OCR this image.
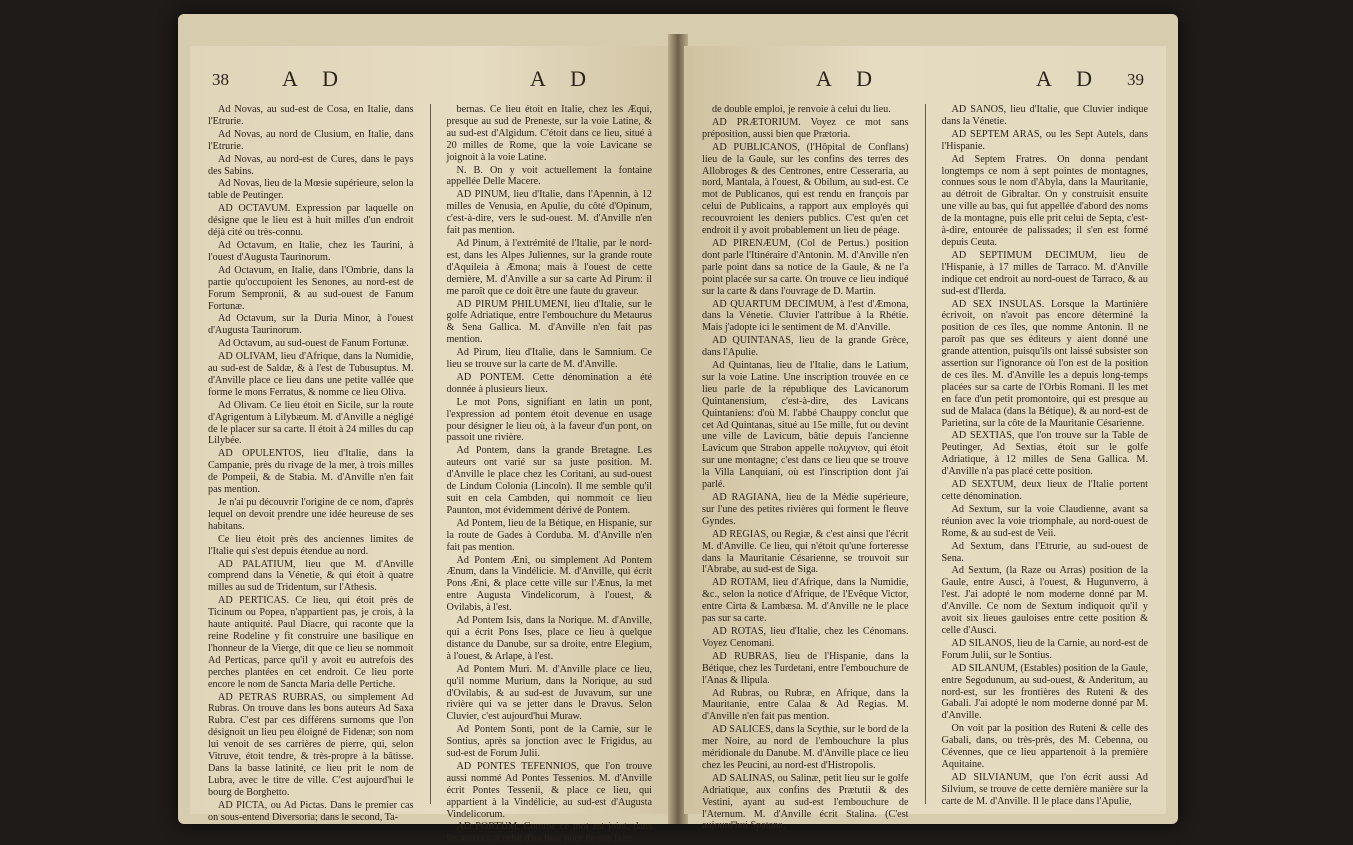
38 A D	A D

Ad Novas, au sud-est de Cosa, en Italie, dans l'Etrurie.

Ad Novas, au nord de Clusium, en Italie, dans l'Etrurie.

Ad Novas, au nord-est de Cures, dans le pays des Sabins.

Ad Novas, lieu de la Mœsie supérieure, selon la table de Peutinger.

AD OCTAVUM. Expression par laquelle on désigne que le lieu est à huit milles d'un endroit déjà cité ou très-connu.

Ad Octavum, en Italie, chez les Taurini, à l'ouest d'Augusta Taurinorum.

Ad Octavum, en Italie, dans l'Ombrie, dans la partie qu'occupoient les Senones, au nord-est de Forum Sempronii, & au sud-ouest de Fanum Fortunæ.

Ad Octavum, sur la Duria Minor, à l'ouest d'Augusta Taurinorum.

Ad Octavum, au sud-ouest de Fanum Fortunæ.

AD OLIVAM, lieu d'Afrique, dans la Numidie, au sud-est de Saldæ, & à l'est de Tubusuptus. M. d'Anville place ce lieu dans une petite vallée que forme le mons Ferratus, & nomme ce lieu Oliva.

Ad Olivam. Ce lieu étoit en Sicile, sur la route d'Agrigentum à Lilybæum. M. d'Anville a négligé de le placer sur sa carte. Il étoit à 24 milles du cap Lilybée.

AD OPULENTOS, lieu d'Italie, dans la Campanie, près du rivage de la mer, à trois milles de Pompeii, & de Stabia. M. d'Anville n'en fait pas mention.

Je n'ai pu découvrir l'origine de ce nom, d'après lequel on devoit prendre une idée heureuse de ses habitans.

Ce lieu étoit près des anciennes limites de l'Italie qui s'est depuis étendue au nord.

AD PALATIUM, lieu que M. d'Anville comprend dans la Vénetie, & qui étoit à quatre milles au sud de Tridentum, sur l'Athesis.

AD PERTICAS. Ce lieu, qui étoit près de Ticinum ou Popea, n'appartient pas, je crois, à la haute antiquité. Paul Diacre, qui raconte que la reine Rodeline y fit construire une basilique en l'honneur de la Vierge, dit que ce lieu se nommoit Ad Perticas, parce qu'il y avoit eu autrefois des perches plantées en cet endroit. Ce lieu porte encore le nom de Sancta Maria delle Pertiche.

AD PETRAS RUBRAS, ou simplement Ad Rubras. On trouve dans les bons auteurs Ad Saxa Rubra. C'est par ces différens surnoms que l'on désignoit un lieu peu éloigné de Fidenæ; son nom lui venoit de ses carrières de pierre, qui, selon Vitruve, étoit tendre, & très-propre à la bâtisse. Dans la basse latinité, ce lieu prit le nom de Lubra, avec le titre de ville. C'est aujourd'hui le bourg de Borghetto.

AD PICTA, ou Ad Pictas. Dans le premier cas on sous-entend Diversoria; dans le second, Ta-

bernas. Ce lieu étoit en Italie, chez les Æqui, presque au sud de Preneste, sur la voie Latine, & au sud-est d'Algidum. C'étoit dans ce lieu, situé à 20 milles de Rome, que la voie Lavicane se joignoit à la voie Latine.

N. B. On y voit actuellement la fontaine appellée Delle Macere.

AD PINUM, lieu d'Italie, dans l'Apennin, à 12 milles de Venusia, en Apulie, du côté d'Opinum, c'est-à-dire, vers le sud-ouest. M. d'Anville n'en fait pas mention.

Ad Pinum, à l'extrémité de l'Italie, par le nord-est, dans les Alpes Juliennes, sur la grande route d'Aquileia à Æmona; mais à l'ouest de cette dernière, M. d'Anville a sur sa carte Ad Pirum: il me paroît que ce doit être une faute du graveur.

AD PIRUM PHILUMENI, lieu d'Italie, sur le golfe Adriatique, entre l'embouchure du Metaurus & Sena Gallica. M. d'Anville n'en fait pas mention.

Ad Pirum, lieu d'Italie, dans le Samnium. Ce lieu se trouve sur la carte de M. d'Anville.

AD PONTEM. Cette dénomination a été donnée à plusieurs lieux.

Le mot Pons, signifiant en latin un pont, l'expression ad pontem étoit devenue en usage pour désigner le lieu où, à la faveur d'un pont, on passoit une rivière.

Ad Pontem, dans la grande Bretagne. Les auteurs ont varié sur sa juste position. M. d'Anville le place chez les Coritani, au sud-ouest de Lindum Colonia (Lincoln). Il me semble qu'il suit en cela Cambden, qui nommoit ce lieu Paunton, mot évidemment dérivé de Pontem.

Ad Pontem, lieu de la Bétique, en Hispanie, sur la route de Gades à Corduba. M. d'Anville n'en fait pas mention.

Ad Pontem Æni, ou simplement Ad Pontem Ænum, dans la Vindélicie. M. d'Anville, qui écrit Pons Æni, & place cette ville sur l'Ænus, la met entre Augusta Vindelicorum, à l'ouest, & Ovilabis, à l'est.

Ad Pontem Isis, dans la Norique. M. d'Anville, qui a écrit Pons Ises, place ce lieu à quelque distance du Danube, sur sa droite, entre Elegium, à l'ouest, & Arlape, à l'est.

Ad Pontem Muri. M. d'Anville place ce lieu, qu'il nomme Murium, dans la Norique, au sud d'Ovilabis, & au sud-est de Juvavum, sur une rivière qui va se jetter dans le Dravus. Selon Cluvier, c'est aujourd'hui Muraw.

Ad Pontem Sonti, pont de la Carnie, sur le Sontius, après sa jonction avec le Frigidus, au sud-est de Forum Julii.

AD PONTES TEFENNIOS, que l'on trouve aussi nommé Ad Pontes Tessenios. M. d'Anville écrit Pontes Tessenii, & place ce lieu, qui appartient à la Vindélicie, au sud-est d'Augusta Vindelicorum.

AD PORTUM. Comme ce mot est joint, dans les auteurs, à celui d'un lieu, pour ne pas faire

A D	A D 39

de double emploi, je renvoie à celui du lieu.

AD PRÆTORIUM. Voyez ce mot sans préposition, aussi bien que Prætoria.

AD PUBLICANOS, (l'Hôpital de Conflans) lieu de la Gaule, sur les confins des terres des Allobroges & des Centrones, entre Cesseraria, au nord, Mantala, à l'ouest, & Obilum, au sud-est. Ce mot de Publicanos, qui est rendu en françois par celui de Publicains, a rapport aux employés qui recouvroient les deniers publics. C'est qu'en cet endroit il y avoit probablement un lieu de péage.

AD PIRENÆUM, (Col de Pertus.) position dont parle l'Itinéraire d'Antonin. M. d'Anville n'en parle point dans sa notice de la Gaule, & ne l'a point placée sur sa carte. On trouve ce lieu indiqué sur la carte & dans l'ouvrage de D. Martin.

AD QUARTUM DECIMUM, à l'est d'Æmona, dans la Vénetie. Cluvier l'attribue à la Rhétie. Mais j'adopte ici le sentiment de M. d'Anville.

AD QUINTANAS, lieu de la grande Grèce, dans l'Apulie.

Ad Quintanas, lieu de l'Italie, dans le Latium, sur la voie Latine. Une inscription trouvée en ce lieu parle de la république des Lavicanorum Quintanensium, c'est-à-dire, des Lavicans Quintaniens: d'où M. l'abbé Chauppy conclut que cet Ad Quintanas, situé au 15e mille, fut ou devint une ville de Lavicum, bâtie depuis l'ancienne Lavicum que Strabon appelle πολιχνιον, qui étoit sur une montagne; c'est dans ce lieu que se trouve la Villa Lanquiani, où est l'inscription dont j'ai parlé.

AD RAGIANA, lieu de la Médie supérieure, sur l'une des petites rivières qui forment le fleuve Gyndes.

AD REGIAS, ou Regiæ, & c'est ainsi que l'écrit M. d'Anville. Ce lieu, qui n'étoit qu'une forteresse dans la Mauritanie Césarienne, se trouvoit sur l'Abrabe, au sud-est de Siga.

AD ROTAM, lieu d'Afrique, dans la Numidie, &c., selon la notice d'Afrique, de l'Evêque Victor, entre Cirta & Lambæsa. M. d'Anville ne le place pas sur sa carte.

AD ROTAS, lieu d'Italie, chez les Cénomans. Voyez Cenomani.

AD RUBRAS, lieu de l'Hispanie, dans la Bétique, chez les Turdetani, entre l'embouchure de l'Anas & Ilipula.

Ad Rubras, ou Rubræ, en Afrique, dans la Mauritanie, entre Calaa & Ad Regias. M. d'Anville n'en fait pas mention.

AD SALICES, dans la Scythie, sur le bord de la mer Noire, au nord de l'embouchure la plus méridionale du Danube. M. d'Anville place ce lieu chez les Peucini, au nord-est d'Histropolis.

AD SALINAS, ou Salinæ, petit lieu sur le golfe Adriatique, aux confins des Prætutii & des Vestini, ayant au sud-est l'embouchure de l'Aternum. M. d'Anville écrit Stalina. (C'est aujourd'hui Spatana,

AD SANOS, lieu d'Italie, que Cluvier indique dans la Vénetie.

AD SEPTEM ARAS, ou les Sept Autels, dans l'Hispanie.

Ad Septem Fratres. On donna pendant longtemps ce nom à sept pointes de montagnes, connues sous le nom d'Abyla, dans la Mauritanie, au détroit de Gibraltar. On y construisit ensuite une ville au bas, qui fut appellée d'abord des noms de la montagne, puis elle prit celui de Septa, c'est-à-dire, entourée de palissades; il s'en est formé depuis Ceuta.

AD SEPTIMUM DECIMUM, lieu de l'Hispanie, à 17 milles de Tarraco. M. d'Anville indique cet endroit au nord-ouest de Tarraco, & au sud-est d'Ilerda.

AD SEX INSULAS. Lorsque la Martinière écrivoit, on n'avoit pas encore déterminé la position de ces îles, que nomme Antonin. Il ne paroît pas que ses éditeurs y aient donné une grande attention, puisqu'ils ont laissé subsister son assertion sur l'ignorance où l'on est de la position de ces îles. M. d'Anville les a depuis long-temps placées sur sa carte de l'Orbis Romani. Il les met en face d'un petit promontoire, qui est presque au sud de Malaca (dans la Bétique), & au nord-est de Parietina, sur la côte de la Mauritanie Césarienne.

AD SEXTIAS, que l'on trouve sur la Table de Peutinger, Ad Sextias, étoit sur le golfe Adriatique, à 12 milles de Sena Gallica. M. d'Anville n'a pas placé cette position.

AD SEXTUM, deux lieux de l'Italie portent cette dénomination.

Ad Sextum, sur la voie Claudienne, avant sa réunion avec la voie triomphale, au nord-ouest de Rome, & au sud-est de Veii.

Ad Sextum, dans l'Etrurie, au sud-ouest de Sena.

Ad Sextum, (la Raze ou Arras) position de la Gaule, entre Ausci, à l'ouest, & Hugunverro, à l'est. J'ai adopté le nom moderne donné par M. d'Anville. Ce nom de Sextum indiquoit qu'il y avoit six lieues gauloises entre cette position & celle d'Ausci.

AD SILANOS, lieu de la Carnie, au nord-est de Forum Julii, sur le Sontius.

AD SILANUM, (Estables) position de la Gaule, entre Segodunum, au sud-ouest, & Anderitum, au nord-est, sur les frontières des Ruteni & des Gabali. J'ai adopté le nom moderne donné par M. d'Anville.

On voit par la position des Ruteni & celle des Gabali, dans, ou très-près, des M. Cebenna, ou Cévennes, que ce lieu appartenoit à la première Aquitaine.

AD SILVIANUM, que l'on écrit aussi Ad Silvium, se trouve de cette dernière manière sur la carte de M. d'Anville. Il le place dans l'Apulie,
